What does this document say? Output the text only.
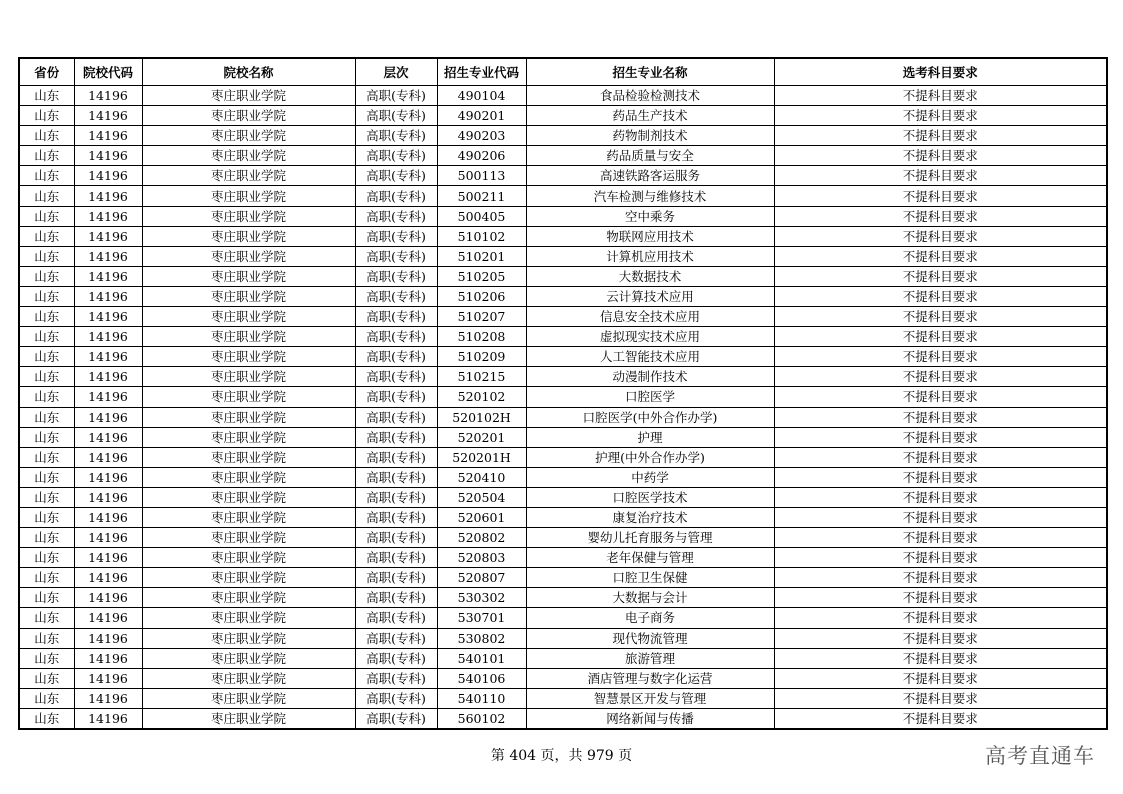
省份	院校代码	院校名称	层次	招生专业代码	招生专业名称	选考科目要求
山东	14196	枣庄职业学院	高职(专科)	490104	食品检验检测技术	不提科目要求
山东	14196	枣庄职业学院	高职(专科)	490201	药品生产技术	不提科目要求
山东	14196	枣庄职业学院	高职(专科)	490203	药物制剂技术	不提科目要求
山东	14196	枣庄职业学院	高职(专科)	490206	药品质量与安全	不提科目要求
山东	14196	枣庄职业学院	高职(专科)	500113	高速铁路客运服务	不提科目要求
山东	14196	枣庄职业学院	高职(专科)	500211	汽车检测与维修技术	不提科目要求
山东	14196	枣庄职业学院	高职(专科)	500405	空中乘务	不提科目要求
山东	14196	枣庄职业学院	高职(专科)	510102	物联网应用技术	不提科目要求
山东	14196	枣庄职业学院	高职(专科)	510201	计算机应用技术	不提科目要求
山东	14196	枣庄职业学院	高职(专科)	510205	大数据技术	不提科目要求
山东	14196	枣庄职业学院	高职(专科)	510206	云计算技术应用	不提科目要求
山东	14196	枣庄职业学院	高职(专科)	510207	信息安全技术应用	不提科目要求
山东	14196	枣庄职业学院	高职(专科)	510208	虚拟现实技术应用	不提科目要求
山东	14196	枣庄职业学院	高职(专科)	510209	人工智能技术应用	不提科目要求
山东	14196	枣庄职业学院	高职(专科)	510215	动漫制作技术	不提科目要求
山东	14196	枣庄职业学院	高职(专科)	520102	口腔医学	不提科目要求
山东	14196	枣庄职业学院	高职(专科)	520102H	口腔医学(中外合作办学)	不提科目要求
山东	14196	枣庄职业学院	高职(专科)	520201	护理	不提科目要求
山东	14196	枣庄职业学院	高职(专科)	520201H	护理(中外合作办学)	不提科目要求
山东	14196	枣庄职业学院	高职(专科)	520410	中药学	不提科目要求
山东	14196	枣庄职业学院	高职(专科)	520504	口腔医学技术	不提科目要求
山东	14196	枣庄职业学院	高职(专科)	520601	康复治疗技术	不提科目要求
山东	14196	枣庄职业学院	高职(专科)	520802	婴幼儿托育服务与管理	不提科目要求
山东	14196	枣庄职业学院	高职(专科)	520803	老年保健与管理	不提科目要求
山东	14196	枣庄职业学院	高职(专科)	520807	口腔卫生保健	不提科目要求
山东	14196	枣庄职业学院	高职(专科)	530302	大数据与会计	不提科目要求
山东	14196	枣庄职业学院	高职(专科)	530701	电子商务	不提科目要求
山东	14196	枣庄职业学院	高职(专科)	530802	现代物流管理	不提科目要求
山东	14196	枣庄职业学院	高职(专科)	540101	旅游管理	不提科目要求
山东	14196	枣庄职业学院	高职(专科)	540106	酒店管理与数字化运营	不提科目要求
山东	14196	枣庄职业学院	高职(专科)	540110	智慧景区开发与管理	不提科目要求
山东	14196	枣庄职业学院	高职(专科)	560102	网络新闻与传播	不提科目要求
第 404 页，共 979 页	高考直通车
